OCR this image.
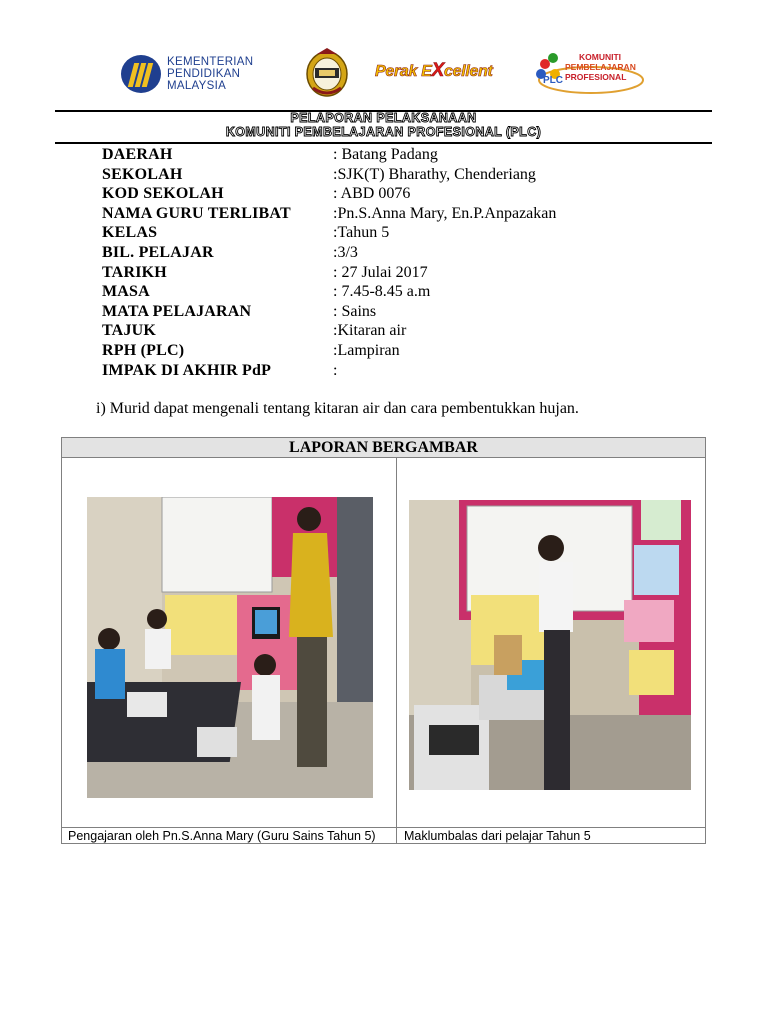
KEMENTERIAN
PENDIDIKAN
MALAYSIA
Perak EXcellent
PLC
KOMUNITI
PEMBELAJARAN
PROFESIONAL
PELAPORAN PELAKSANAAN
KOMUNITI PEMBELAJARAN PROFESIONAL (PLC)
DAERAH	: Batang Padang
SEKOLAH	:SJK(T) Bharathy, Chenderiang
KOD SEKOLAH	: ABD 0076
NAMA GURU TERLIBAT	:Pn.S.Anna Mary, En.P.Anpazakan
KELAS	:Tahun 5
BIL. PELAJAR	:3/3
TARIKH	: 27 Julai 2017
MASA	: 7.45-8.45 a.m
MATA PELAJARAN	: Sains
TAJUK	:Kitaran air
RPH (PLC)	:Lampiran
IMPAK DI AKHIR PdP	:
i) Murid dapat mengenali tentang kitaran air dan cara pembentukkan hujan.
LAPORAN BERGAMBAR
Pengajaran oleh Pn.S.Anna Mary (Guru Sains Tahun 5) Maklumbalas dari pelajar Tahun 5
